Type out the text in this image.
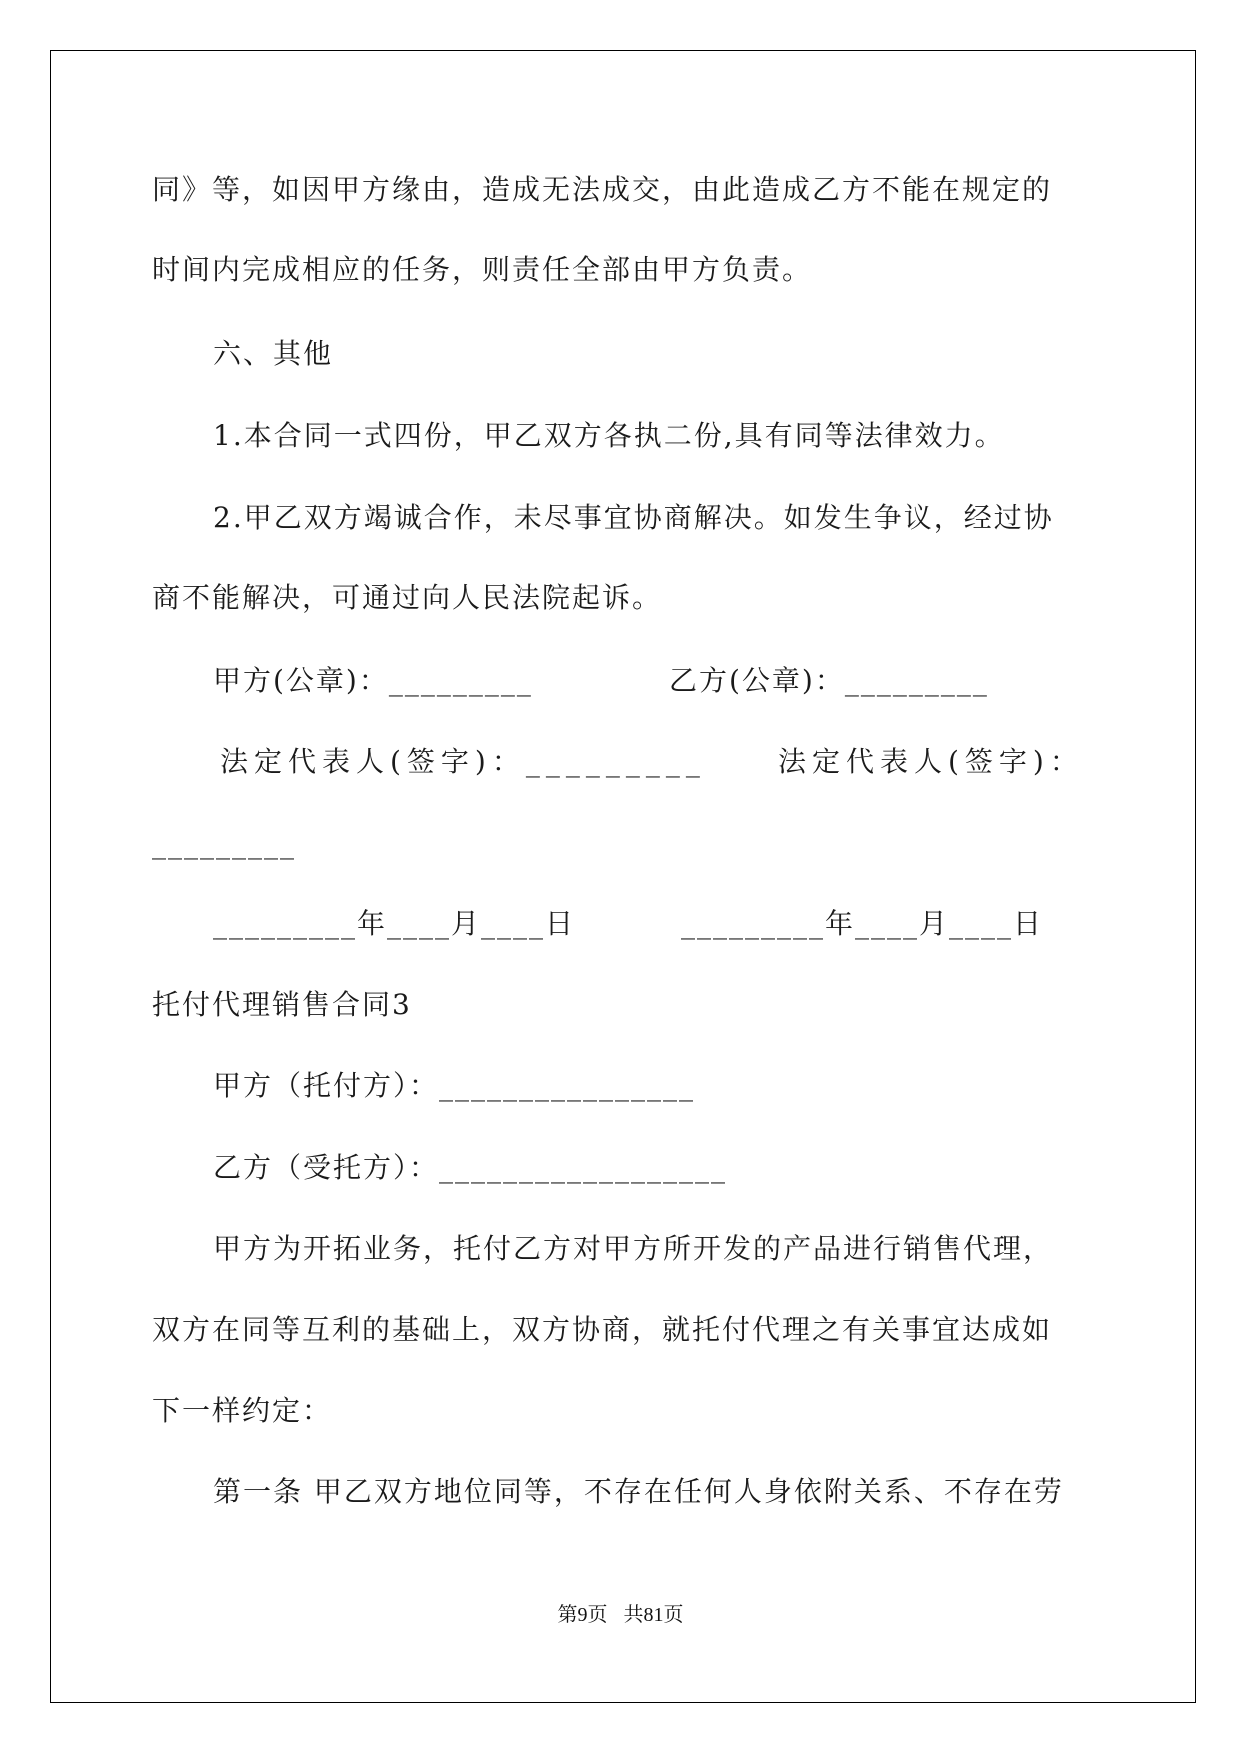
同》等，如因甲方缘由，造成无法成交，由此造成乙方不能在规定的
时间内完成相应的任务，则责任全部由甲方负责。
六、其他
1.本合同一式四份，甲乙双方各执二份,具有同等法律效力。
2.甲乙双方竭诚合作，未尽事宜协商解决。如发生争议，经过协
商不能解决，可通过向人民法院起诉。
甲方(公章)：_________	乙方(公章)：_________
法定代表人(签字)：_________	法定代表人(签字)：
_________
_________年____月____日	_________年____月____日
托付代理销售合同3
甲方（托付方）：________________
乙方（受托方）：__________________
甲方为开拓业务，托付乙方对甲方所开发的产品进行销售代理，
双方在同等互利的基础上，双方协商，就托付代理之有关事宜达成如
下一样约定：
第一条 甲乙双方地位同等，不存在任何人身依附关系、不存在劳
第9页 共81页
